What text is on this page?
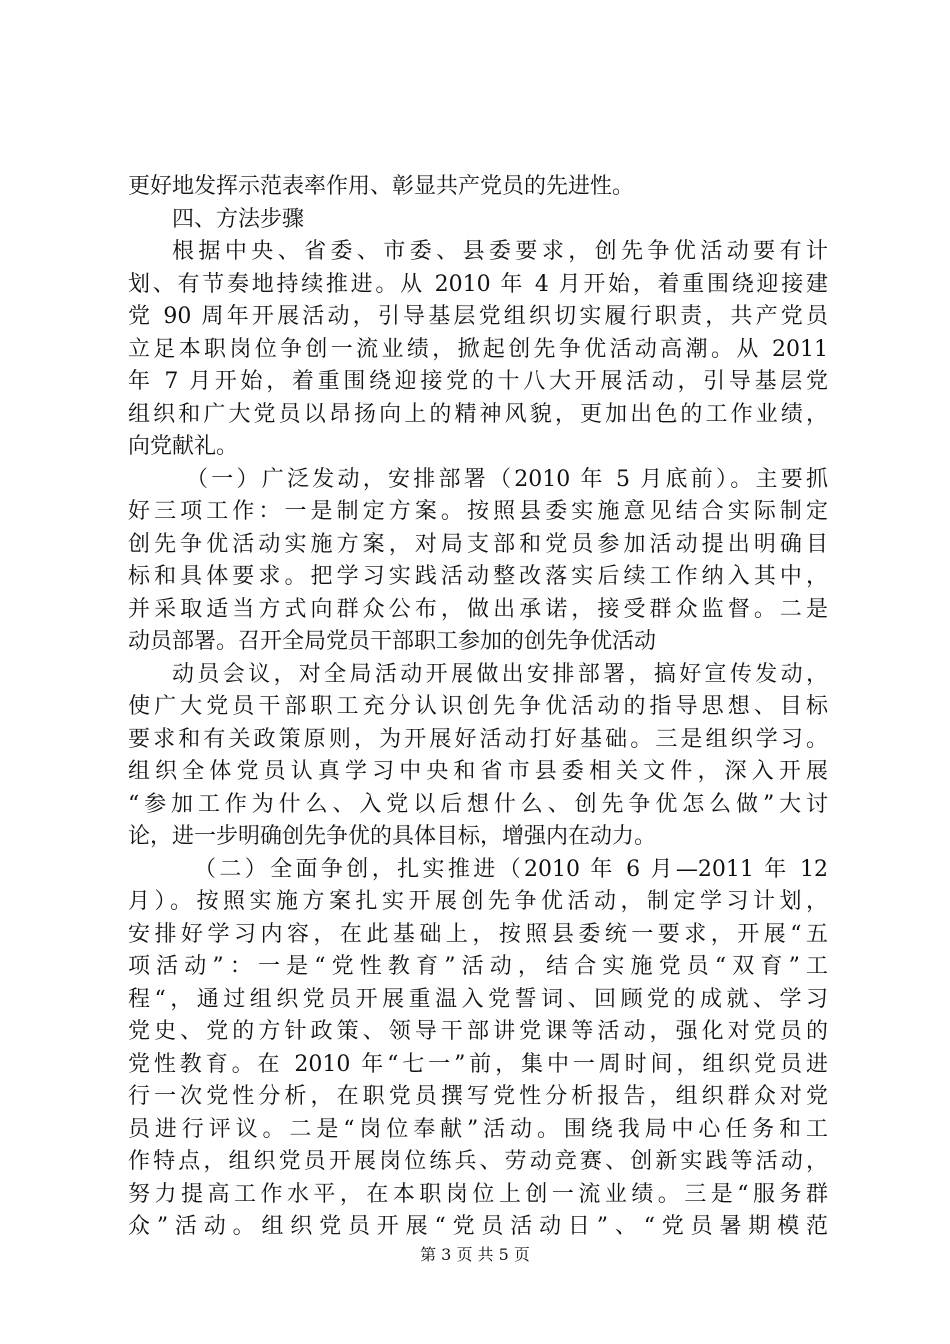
更好地发挥示范表率作用、彰显共产党员的先进性。
四、方法步骤
根据中央、省委、市委、县委要求，创先争优活动要有计
划、有节奏地持续推进。从 2010 年 4 月开始，着重围绕迎接建
党 90 周年开展活动，引导基层党组织切实履行职责，共产党员
立足本职岗位争创一流业绩，掀起创先争优活动高潮。从 2011
年 7 月开始，着重围绕迎接党的十八大开展活动，引导基层党
组织和广大党员以昂扬向上的精神风貌，更加出色的工作业绩，
向党献礼。
（一）广泛发动，安排部署（2010 年 5 月底前）。主要抓
好三项工作：一是制定方案。按照县委实施意见结合实际制定
创先争优活动实施方案，对局支部和党员参加活动提出明确目
标和具体要求。把学习实践活动整改落实后续工作纳入其中，
并采取适当方式向群众公布，做出承诺，接受群众监督。二是
动员部署。召开全局党员干部职工参加的创先争优活动
动员会议，对全局活动开展做出安排部署，搞好宣传发动，
使广大党员干部职工充分认识创先争优活动的指导思想、目标
要求和有关政策原则，为开展好活动打好基础。三是组织学习。
组织全体党员认真学习中央和省市县委相关文件，深入开展
“参加工作为什么、入党以后想什么、创先争优怎么做”大讨
论，进一步明确创先争优的具体目标，增强内在动力。
（二）全面争创，扎实推进（2010 年 6 月—2011 年 12
月）。按照实施方案扎实开展创先争优活动，制定学习计划，
安排好学习内容，在此基础上，按照县委统一要求，开展“五
项活动”：一是“党性教育”活动，结合实施党员“双育”工
程“，通过组织党员开展重温入党誓词、回顾党的成就、学习
党史、党的方针政策、领导干部讲党课等活动，强化对党员的
党性教育。在 2010 年“七一”前，集中一周时间，组织党员进
行一次党性分析，在职党员撰写党性分析报告，组织群众对党
员进行评议。二是“岗位奉献”活动。围绕我局中心任务和工
作特点，组织党员开展岗位练兵、劳动竞赛、创新实践等活动，
努力提高工作水平，在本职岗位上创一流业绩。三是“服务群
众”活动。组织党员开展“党员活动日”、“党员暑期模范
第 3 页 共 5 页
